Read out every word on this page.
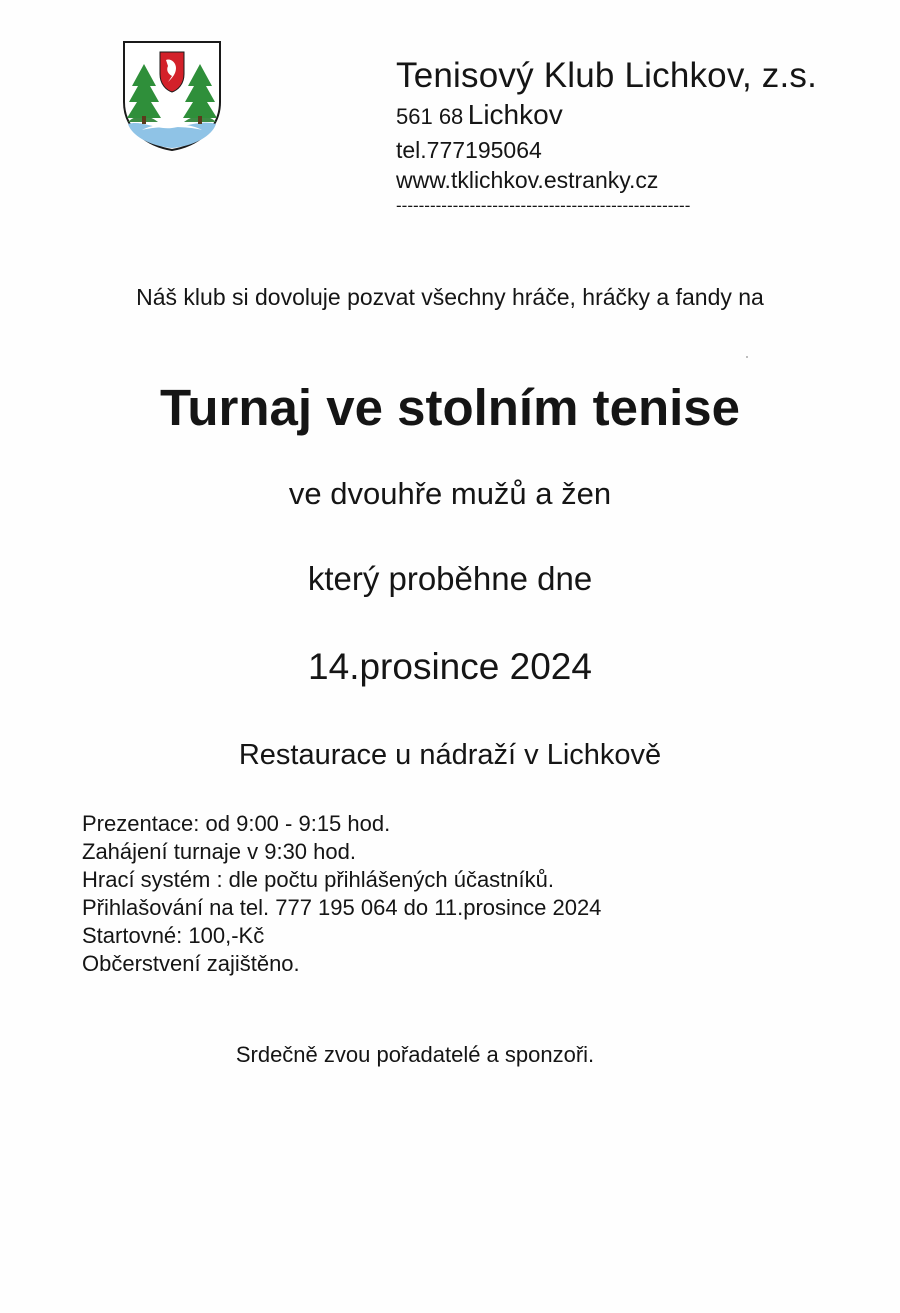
Tenisový Klub Lichkov, z.s.
561 68 Lichkov
tel.777195064
www.tklichkov.estranky.cz
----------------------------------------------------
Náš klub si dovoluje pozvat všechny hráče, hráčky a fandy na
Turnaj ve stolním tenise
ve dvouhře mužů a žen
který proběhne dne
14.prosince 2024
Restaurace u nádraží v Lichkově
Prezentace: od 9:00 - 9:15 hod.
Zahájení turnaje v 9:30 hod.
Hrací systém : dle počtu přihlášených účastníků.
Přihlašování na tel. 777 195 064 do 11.prosince 2024
Startovné: 100,-Kč
Občerstvení zajištěno.
Srdečně zvou pořadatelé a sponzoři.
